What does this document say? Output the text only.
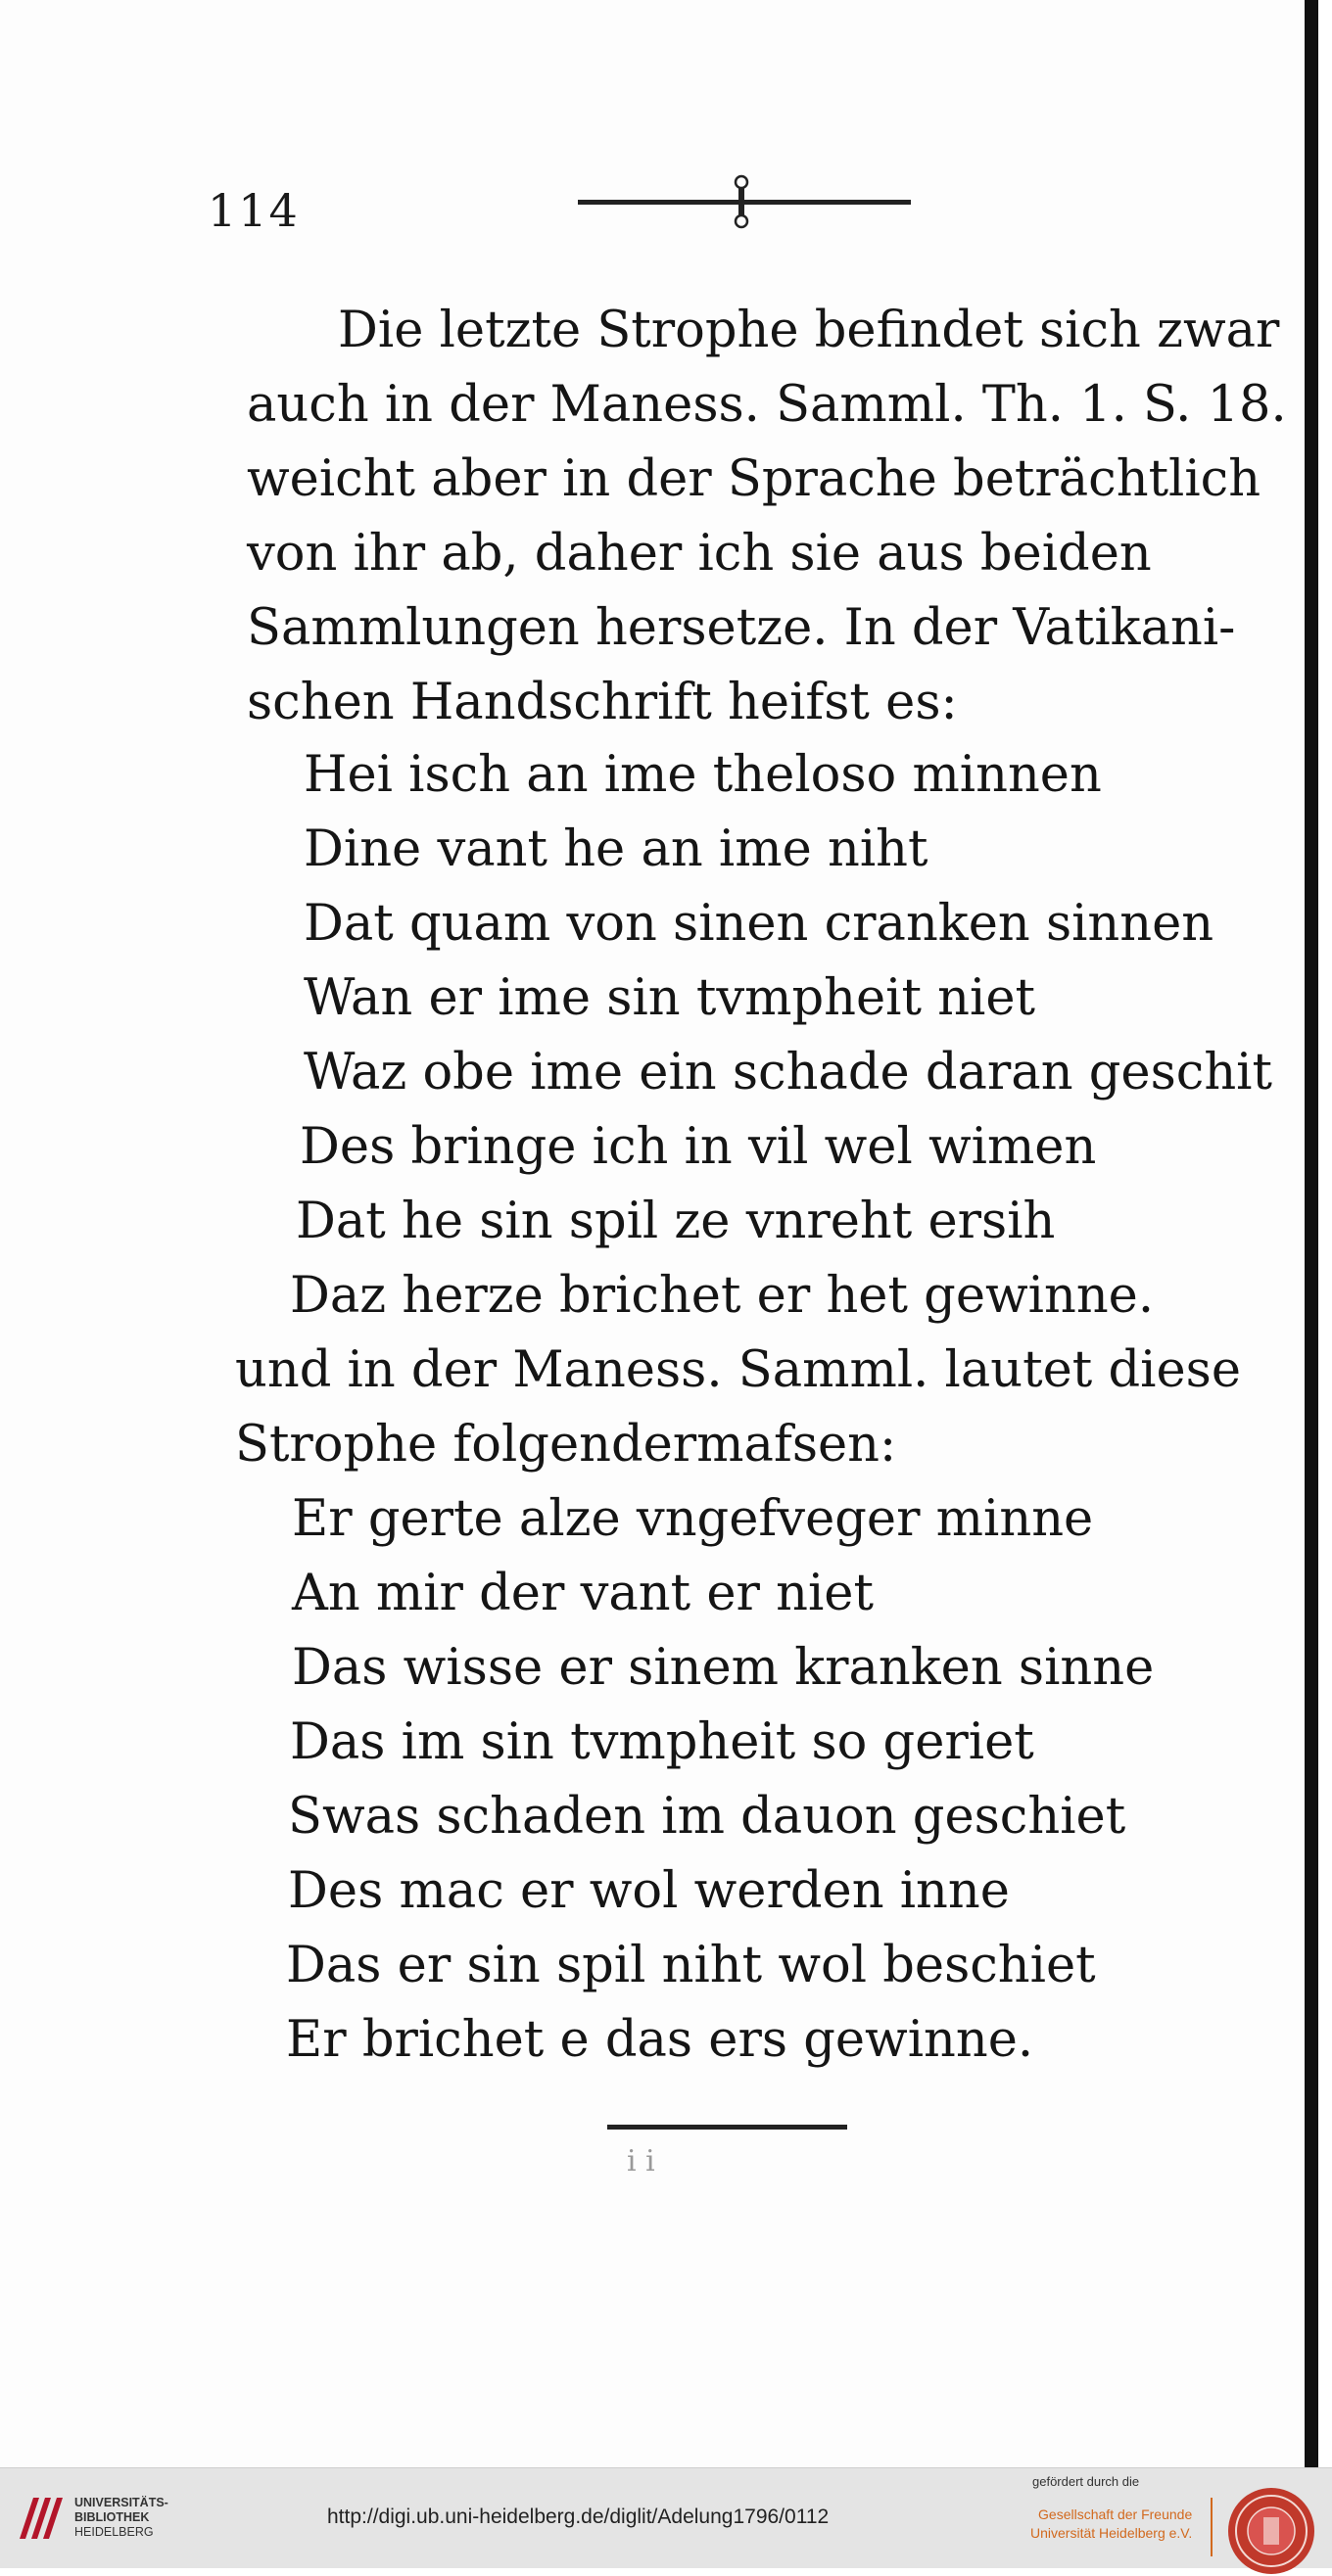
114
Die letzte Strophe befindet sich zwar
auch in der Maness. Samml. Th. 1. S. 18.
weicht aber in der Sprache beträchtlich
von ihr ab, daher ich sie aus beiden
Sammlungen hersetze. In der Vatikani-
schen Handschrift heifst es:
Hei isch an ime theloso minnen
Dine vant he an ime niht
Dat quam von sinen cranken sinnen
Wan er ime sin tvmpheit niet
Waz obe ime ein schade daran geschit
Des bringe ich in vil wel wimen
Dat he sin spil ze vnreht ersih
Daz herze brichet er het gewinne.
und in der Maness. Samml. lautet diese
Strophe folgendermafsen:
Er gerte alze vngefveger minne
An mir der vant er niet
Das wisse er sinem kranken sinne
Das im sin tvmpheit so geriet
Swas schaden im dauon geschiet
Des mac er wol werden inne
Das er sin spil niht wol beschiet
Er brichet e das ers gewinne.
i i
UNIVERSITÄTS-
BIBLIOTHEK
HEIDELBERG
http://digi.ub.uni-heidelberg.de/diglit/Adelung1796/0112
gefördert durch die
Gesellschaft der Freunde
Universität Heidelberg e.V.
